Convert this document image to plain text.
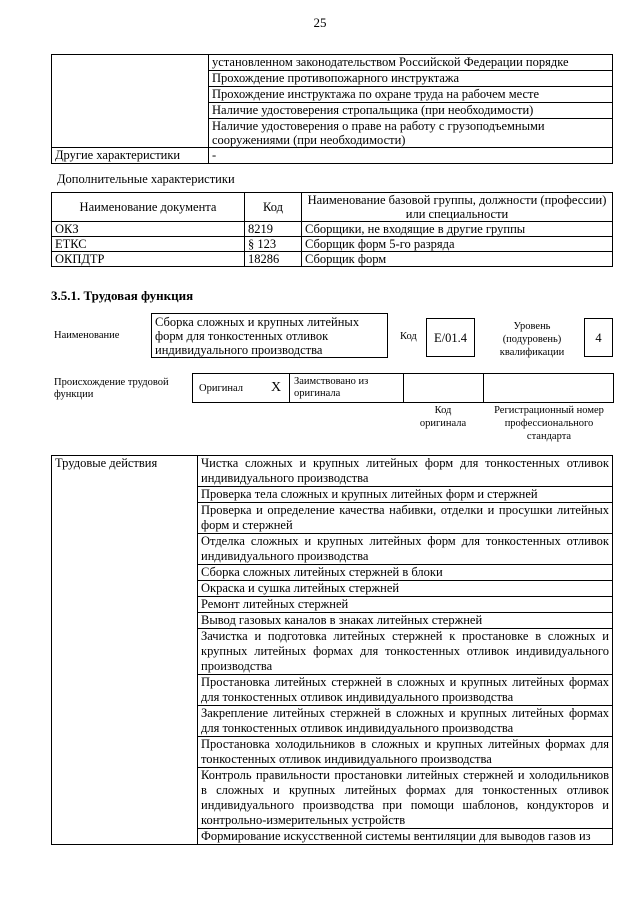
25
	установленном законодательством Российской Федерации порядке
	Прохождение противопожарного инструктажа
	Прохождение инструктажа по охране труда на рабочем месте
	Наличие удостоверения стропальщика (при необходимости)
	Наличие удостоверения о праве на работу с грузоподъемными сооружениями (при необходимости)
Другие характеристики	-
Дополнительные характеристики
Наименование документа	Код	Наименование базовой группы, должности (профессии) или специальности
ОКЗ	8219	Сборщики, не входящие в другие группы
ЕТКС	§ 123	Сборщик форм 5-го разряда
ОКПДТР	18286	Сборщик форм
3.5.1. Трудовая функция
Наименование
Сборка сложных и крупных литейных форм для тонкостенных отливок индивидуального производства
Код	E/01.4
Уровень (подуровень) квалификации
4
Происхождение трудовой функции
Оригинал X Заимствовано из оригинала
Код оригинала
Регистрационный номер профессионального стандарта
Трудовые действия	Чистка сложных и крупных литейных форм для тонкостенных отливок индивидуального производства
Проверка тела сложных и крупных литейных форм и стержней
Проверка и определение качества набивки, отделки и просушки литейных форм и стержней
Отделка сложных и крупных литейных форм для тонкостенных отливок индивидуального производства
Сборка сложных литейных стержней в блоки
Окраска и сушка литейных стержней
Ремонт литейных стержней
Вывод газовых каналов в знаках литейных стержней
Зачистка и подготовка литейных стержней к простановке в сложных и крупных литейных формах для тонкостенных отливок индивидуального производства
Простановка литейных стержней в сложных и крупных литейных формах для тонкостенных отливок индивидуального производства
Закрепление литейных стержней в сложных и крупных литейных формах для тонкостенных отливок индивидуального производства
Простановка холодильников в сложных и крупных литейных формах для тонкостенных отливок индивидуального производства
Контроль правильности простановки литейных стержней и холодильников в сложных и крупных литейных формах для тонкостенных отливок индивидуального производства при помощи шаблонов, кондукторов и контрольно-измерительных устройств
Формирование искусственной системы вентиляции для выводов газов из
